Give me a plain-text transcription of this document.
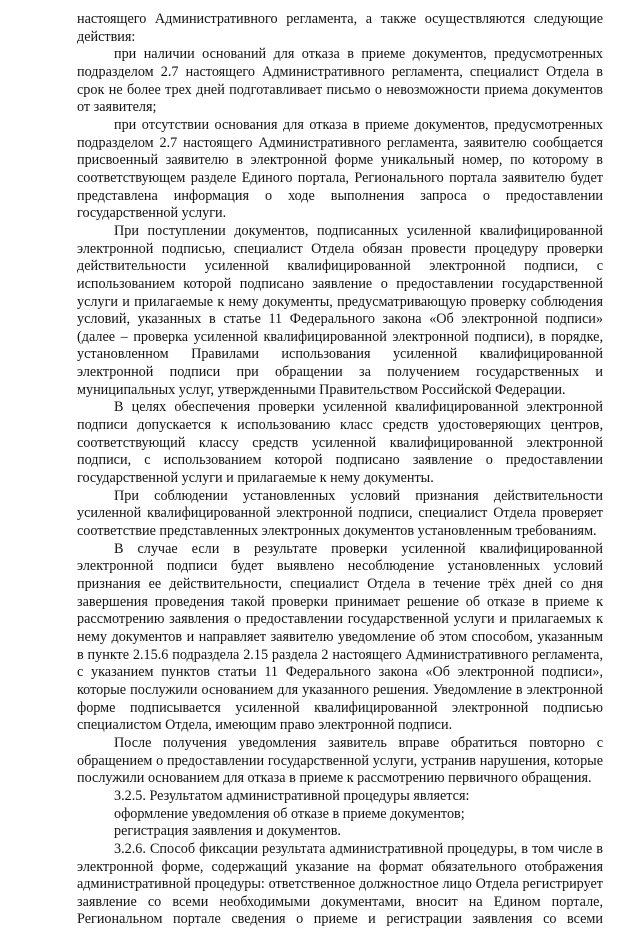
настоящего Административного регламента, а также осуществляются следующие действия:

при наличии оснований для отказа в приеме документов, предусмотренных подразделом 2.7 настоящего Административного регламента, специалист Отдела в срок не более трех дней подготавливает письмо о невозможности приема документов от заявителя;

при отсутствии основания для отказа в приеме документов, предусмотренных подразделом 2.7 настоящего Административного регламента, заявителю сообщается присвоенный заявителю в электронной форме уникальный номер, по которому в соответствующем разделе Единого портала, Регионального портала заявителю будет представлена информация о ходе выполнения запроса о предоставлении государственной услуги.

При поступлении документов, подписанных усиленной квалифицированной электронной подписью, специалист Отдела обязан провести процедуру проверки действительности усиленной квалифицированной электронной подписи, с использованием которой подписано заявление о предоставлении государственной услуги и прилагаемые к нему документы, предусматривающую проверку соблюдения условий, указанных в статье 11 Федерального закона «Об электронной подписи» (далее – проверка усиленной квалифицированной электронной подписи), в порядке, установленном Правилами использования усиленной квалифицированной электронной подписи при обращении за получением государственных и муниципальных услуг, утвержденными Правительством Российской Федерации.

В целях обеспечения проверки усиленной квалифицированной электронной подписи допускается к использованию класс средств удостоверяющих центров, соответствующий классу средств усиленной квалифицированной электронной подписи, с использованием которой подписано заявление о предоставлении государственной услуги и прилагаемые к нему документы.

При соблюдении установленных условий признания действительности усиленной квалифицированной электронной подписи, специалист Отдела проверяет соответствие представленных электронных документов установленным требованиям.

В случае если в результате проверки усиленной квалифицированной электронной подписи будет выявлено несоблюдение установленных условий признания ее действительности, специалист Отдела в течение трёх дней со дня завершения проведения такой проверки принимает решение об отказе в приеме к рассмотрению заявления о предоставлении государственной услуги и прилагаемых к нему документов и направляет заявителю уведомление об этом способом, указанным в пункте 2.15.6 подраздела 2.15 раздела 2 настоящего Административного регламента, с указанием пунктов статьи 11 Федерального закона «Об электронной подписи», которые послужили основанием для указанного решения. Уведомление в электронной форме подписывается усиленной квалифицированной электронной подписью специалистом Отдела, имеющим право электронной подписи.

После получения уведомления заявитель вправе обратиться повторно с обращением о предоставлении государственной услуги, устранив нарушения, которые послужили основанием для отказа в приеме к рассмотрению первичного обращения.

3.2.5. Результатом административной процедуры является:

оформление уведомления об отказе в приеме документов;

регистрация заявления и документов.

3.2.6. Способ фиксации результата административной процедуры, в том числе в электронной форме, содержащий указание на формат обязательного отображения административной процедуры: ответственное должностное лицо Отдела регистрирует заявление со всеми необходимыми документами, вносит на Едином портале, Региональном портале сведения о приеме и регистрации заявления со всеми
